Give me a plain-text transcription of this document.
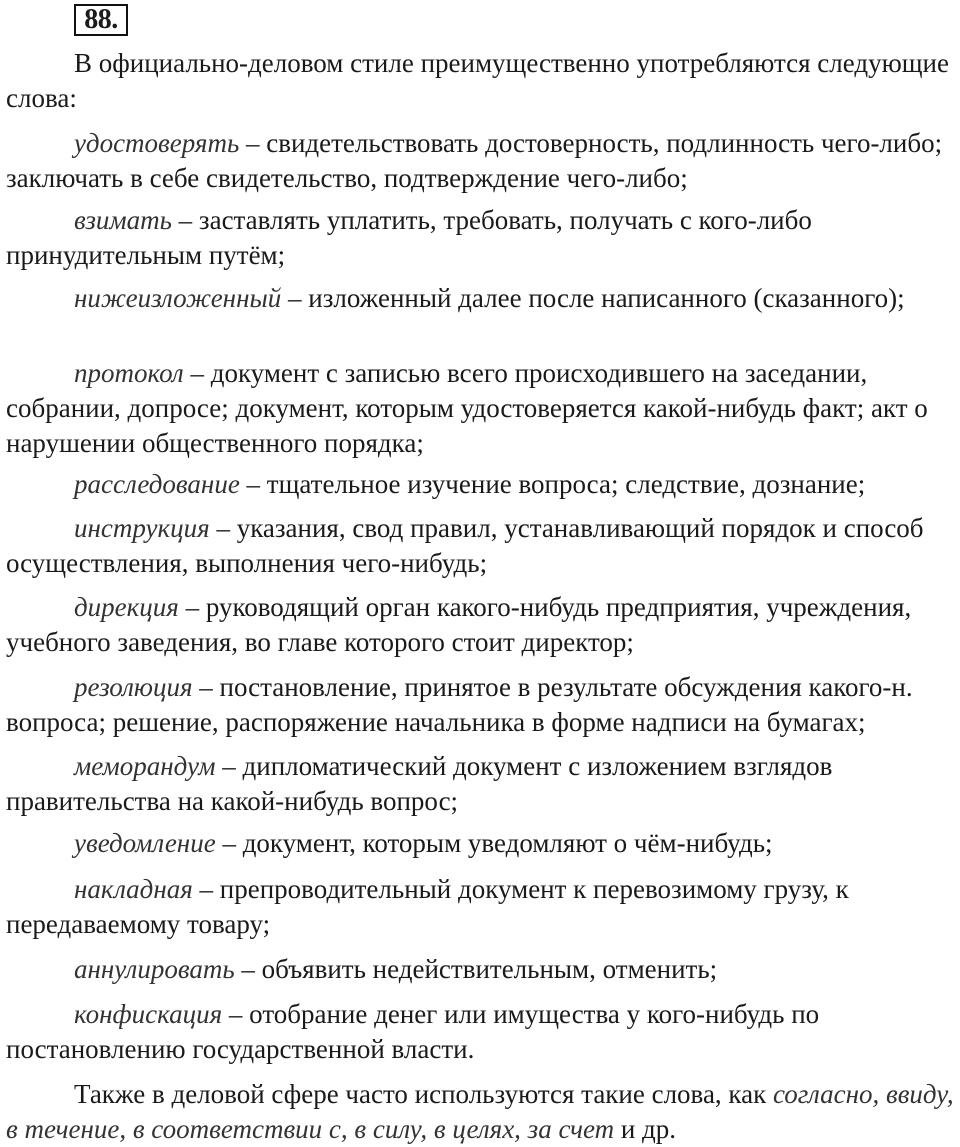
88.

В официально-деловом стиле преимущественно употребляются следующие слова:

удостоверять – свидетельствовать достоверность, подлинность чего-либо; заключать в себе свидетельство, подтверждение чего-либо;

взимать – заставлять уплатить, требовать, получать с кого-либо принудительным путём;

нижеизложенный – изложенный далее после написанного (сказанного);

протокол – документ с записью всего происходившего на заседании, собрании, допросе; документ, которым удостоверяется какой-нибудь факт; акт о нарушении общественного порядка;

расследование – тщательное изучение вопроса; следствие, дознание;

инструкция – указания, свод правил, устанавливающий порядок и способ осуществления, выполнения чего-нибудь;

дирекция – руководящий орган какого-нибудь предприятия, учреждения, учебного заведения, во главе которого стоит директор;

резолюция – постановление, принятое в результате обсуждения какого-н. вопроса; решение, распоряжение начальника в форме надписи на бумагах;

меморандум – дипломатический документ с изложением взглядов правительства на какой-нибудь вопрос;

уведомление – документ, которым уведомляют о чём-нибудь;

накладная – препроводительный документ к перевозимому грузу, к передаваемому товару;

аннулировать – объявить недействительным, отменить;

конфискация – отобрание денег или имущества у кого-нибудь по постановлению государственной власти.

Также в деловой сфере часто используются такие слова, как согласно, ввиду, в течение, в соответствии с, в силу, в целях, за счет и др.
